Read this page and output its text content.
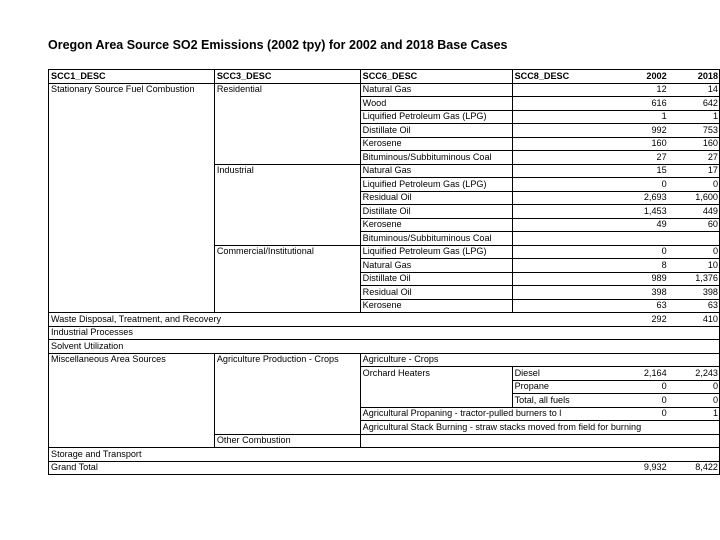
Oregon Area Source SO2 Emissions (2002 tpy) for 2002 and 2018 Base Cases
SCC1_DESC	SCC3_DESC	SCC6_DESC	SCC8_DESC	2002	2018
Stationary Source Fuel Combustion	Residential	Natural Gas		12	14
		Wood		616	642
		Liquified Petroleum Gas (LPG)		1	1
		Distillate Oil		992	753
		Kerosene		160	160
		Bituminous/Subbituminous Coal		27	27
	Industrial	Natural Gas		15	17
		Liquified Petroleum Gas (LPG)		0	0
		Residual Oil		2,693	1,600
		Distillate Oil		1,453	449
		Kerosene		49	60
		Bituminous/Subbituminous Coal			
	Commercial/Institutional	Liquified Petroleum Gas (LPG)		0	0
		Natural Gas		8	10
		Distillate Oil		989	1,376
		Residual Oil		398	398
		Kerosene		63	63
Waste Disposal, Treatment, and Recovery				292	410
Industrial Processes					
Solvent Utilization					
Miscellaneous Area Sources	Agriculture Production - Crops	Agriculture - Crops			
		Orchard Heaters	Diesel	2,164	2,243
			Propane	0	0
			Total, all fuels	0	0
		Agricultural Propaning - tractor-pulled burners to l		0	1
		Agricultural Stack Burning - straw stacks moved from field for burning			
	Other Combustion				
Storage and Transport					
Grand Total				9,932	8,422
